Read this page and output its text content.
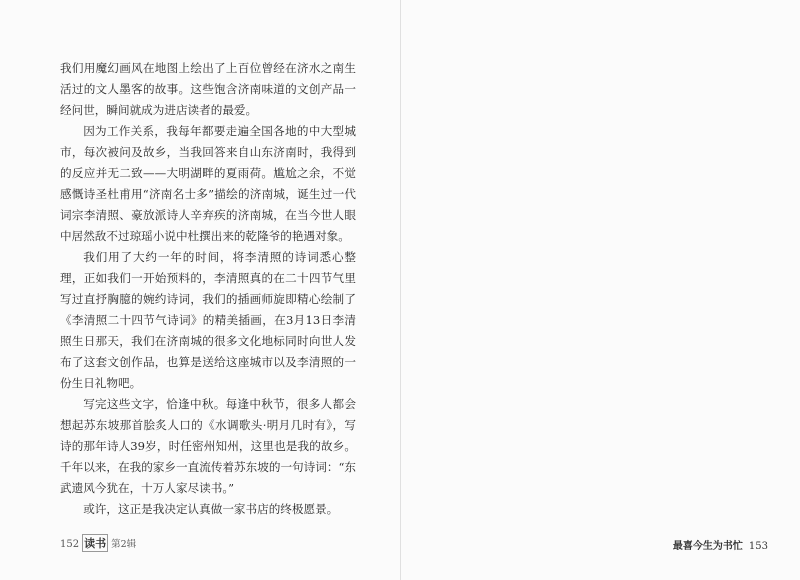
我们用魔幻画风在地图上绘出了上百位曾经在济水之南生活过的文人墨客的故事。这些饱含济南味道的文创产品一经问世，瞬间就成为进店读者的最爱。

因为工作关系，我每年都要走遍全国各地的中大型城市，每次被问及故乡，当我回答来自山东济南时，我得到的反应并无二致——大明湖畔的夏雨荷。尴尬之余，不觉感慨诗圣杜甫用“济南名士多”描绘的济南城，诞生过一代词宗李清照、豪放派诗人辛弃疾的济南城，在当今世人眼中居然敌不过琼瑶小说中杜撰出来的乾隆爷的艳遇对象。

我们用了大约一年的时间，将李清照的诗词悉心整理，正如我们一开始预料的，李清照真的在二十四节气里写过直抒胸臆的婉约诗词，我们的插画师旋即精心绘制了《李清照二十四节气诗词》的精美插画，在3月13日李清照生日那天，我们在济南城的很多文化地标同时向世人发布了这套文创作品，也算是送给这座城市以及李清照的一份生日礼物吧。

写完这些文字，恰逢中秋。每逢中秋节，很多人都会想起苏东坡那首脍炙人口的《水调歌头·明月几时有》，写诗的那年诗人39岁，时任密州知州，这里也是我的故乡。千年以来，在我的家乡一直流传着苏东坡的一句诗词：“东武遗风今犹在，十万人家尽读书。”

或许，这正是我决定认真做一家书店的终极愿景。

152 读书 第2辑	最喜今生为书忙 153
